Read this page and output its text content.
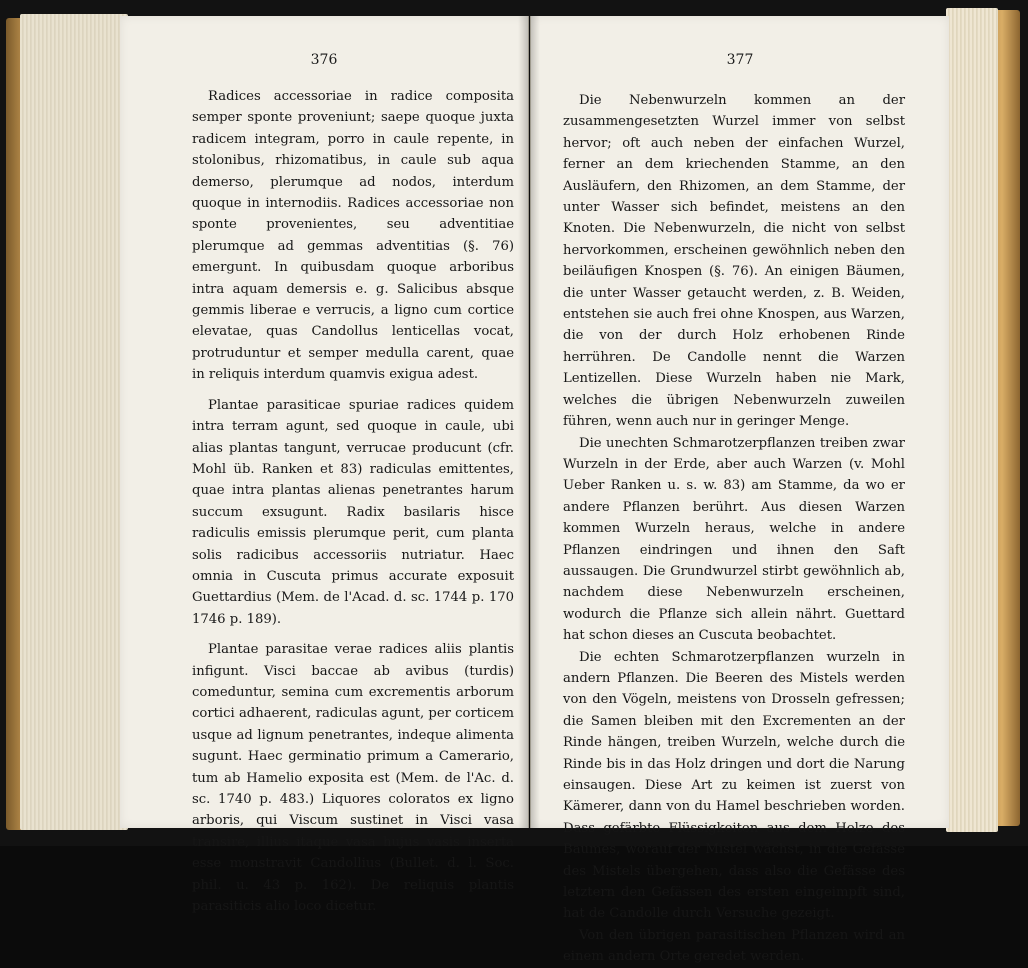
376

Radices accessoriae in radice composita semper sponte proveniunt; saepe quoque juxta radicem integram, porro in caule repente, in stolonibus, rhizomatibus, in caule sub aqua demerso, plerumque ad nodos, interdum quoque in internodiis. Radices accessoriae non sponte provenientes, seu adventitiae plerumque ad gemmas adventitias (§. 76) emergunt. In quibusdam quoque arboribus intra aquam demersis e. g. Salicibus absque gemmis liberae e verrucis, a ligno cum cortice elevatae, quas Candollus lenticellas vocat, protruduntur et semper medulla carent, quae in reliquis interdum quamvis exigua adest.

Plantae parasiticae spuriae radices quidem intra terram agunt, sed quoque in caule, ubi alias plantas tangunt, verrucae producunt (cfr. Mohl üb. Ranken et 83) radiculas emittentes, quae intra plantas alienas penetrantes harum succum exsugunt. Radix basilaris hisce radiculis emissis plerumque perit, cum planta solis radicibus accessoriis nutriatur. Haec omnia in Cuscuta primus accurate exposuit Guettardius (Mem. de l'Acad. d. sc. 1744 p. 170 1746 p. 189).

Plantae parasitae verae radices aliis plantis infigunt. Visci baccae ab avibus (turdis) comeduntur, semina cum excrementis arborum cortici adhaerent, radiculas agunt, per corticem usque ad lignum penetrantes, indeque alimenta sugunt. Haec germinatio primum a Camerario, tum ab Hamelio exposita est (Mem. de l'Ac. d. sc. 1740 p. 483.) Liquores coloratos ex ligno arboris, qui Viscum sustinet in Visci vasa transire, illius itaque vasa hujus vasis inserta esse monstravit Candollius (Bullet. d. l. Soc. phil. u. 43 p. 162). De reliquis plantis parasiticis alio loco dicetur.

377

Die Nebenwurzeln kommen an der zusammengesetzten Wurzel immer von selbst hervor; oft auch neben der einfachen Wurzel, ferner an dem kriechenden Stamme, an den Ausläufern, den Rhizomen, an dem Stamme, der unter Wasser sich befindet, meistens an den Knoten. Die Nebenwurzeln, die nicht von selbst hervorkommen, erscheinen gewöhnlich neben den beiläufigen Knospen (§. 76). An einigen Bäumen, die unter Wasser getaucht werden, z. B. Weiden, entstehen sie auch frei ohne Knospen, aus Warzen, die von der durch Holz erhobenen Rinde herrühren. De Candolle nennt die Warzen Lentizellen. Diese Wurzeln haben nie Mark, welches die übrigen Nebenwurzeln zuweilen führen, wenn auch nur in geringer Menge.

Die unechten Schmarotzerpflanzen treiben zwar Wurzeln in der Erde, aber auch Warzen (v. Mohl Ueber Ranken u. s. w. 83) am Stamme, da wo er andere Pflanzen berührt. Aus diesen Warzen kommen Wurzeln heraus, welche in andere Pflanzen eindringen und ihnen den Saft aussaugen. Die Grundwurzel stirbt gewöhnlich ab, nachdem diese Nebenwurzeln erscheinen, wodurch die Pflanze sich allein nährt. Guettard hat schon dieses an Cuscuta beobachtet.

Die echten Schmarotzerpflanzen wurzeln in andern Pflanzen. Die Beeren des Mistels werden von den Vögeln, meistens von Drosseln gefressen; die Samen bleiben mit den Excrementen an der Rinde hängen, treiben Wurzeln, welche durch die Rinde bis in das Holz dringen und dort die Narung einsaugen. Diese Art zu keimen ist zuerst von Kämerer, dann von du Hamel beschrieben worden. Dass gefärbte Flüssigkeiten aus dem Holze des Baumes, worauf der Mistel wächst, in die Gefässe des Mistels übergehen, dass also die Gefässe des letztern den Gefässen des ersten eingeimpft sind, hat de Candolle durch Versuche gezeigt.

Von den übrigen parasitischen Pflanzen wird an einem andern Orte geredet werden.
